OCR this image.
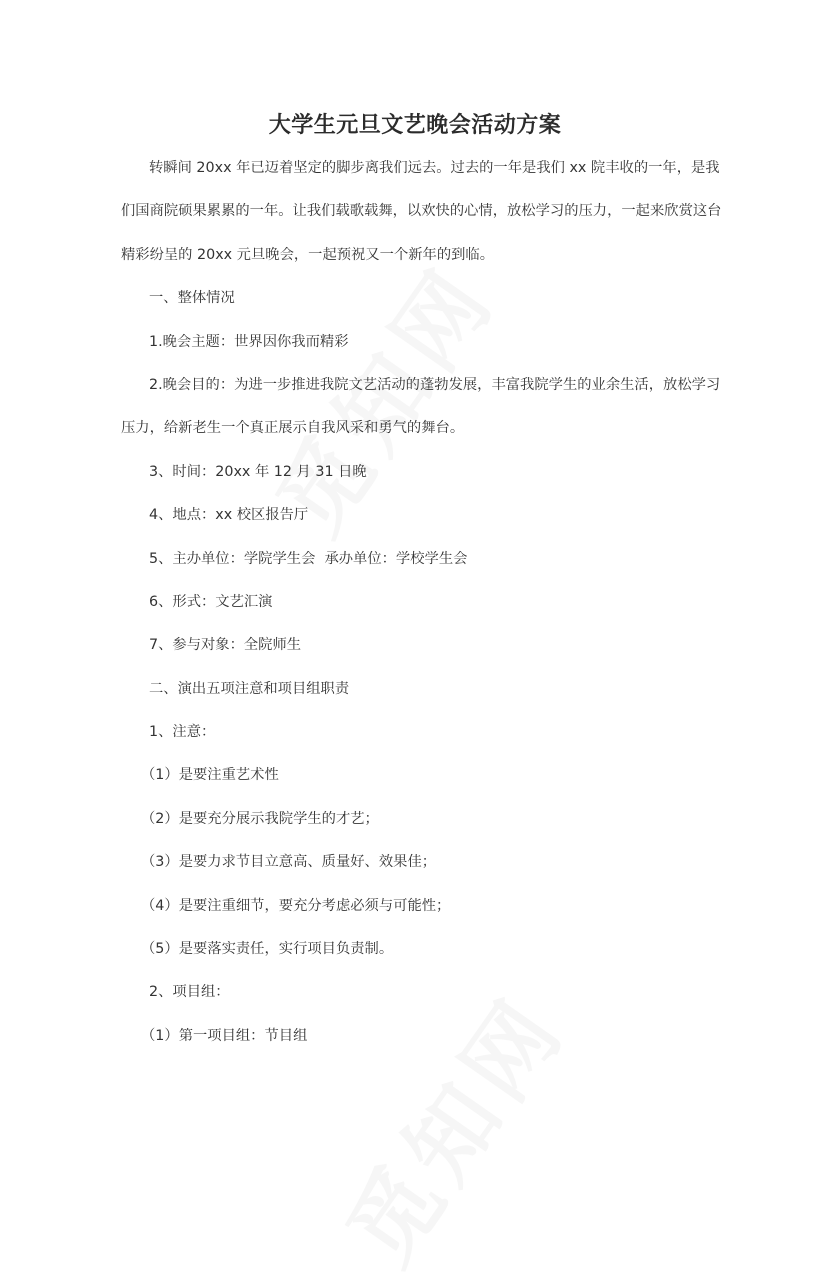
大学生元旦文艺晚会活动方案
转瞬间 20xx 年已迈着坚定的脚步离我们远去。过去的一年是我们 xx 院丰收的一年，是我
们国商院硕果累累的一年。让我们载歌载舞，以欢快的心情，放松学习的压力，一起来欣赏这台
精彩纷呈的 20xx 元旦晚会，一起预祝又一个新年的到临。
一、整体情况
1.晚会主题：世界因你我而精彩
2.晚会目的：为进一步推进我院文艺活动的蓬勃发展，丰富我院学生的业余生活，放松学习
压力，给新老生一个真正展示自我风采和勇气的舞台。
3、时间：20xx 年 12 月 31 日晚
4、地点：xx 校区报告厅
5、主办单位：学院学生会  承办单位：学校学生会
6、形式：文艺汇演
7、参与对象：全院师生
二、演出五项注意和项目组职责
1、注意：
（1）是要注重艺术性
（2）是要充分展示我院学生的才艺；
（3）是要力求节目立意高、质量好、效果佳；
（4）是要注重细节，要充分考虑必须与可能性；
（5）是要落实责任，实行项目负责制。
2、项目组：
（1）第一项目组：节目组
